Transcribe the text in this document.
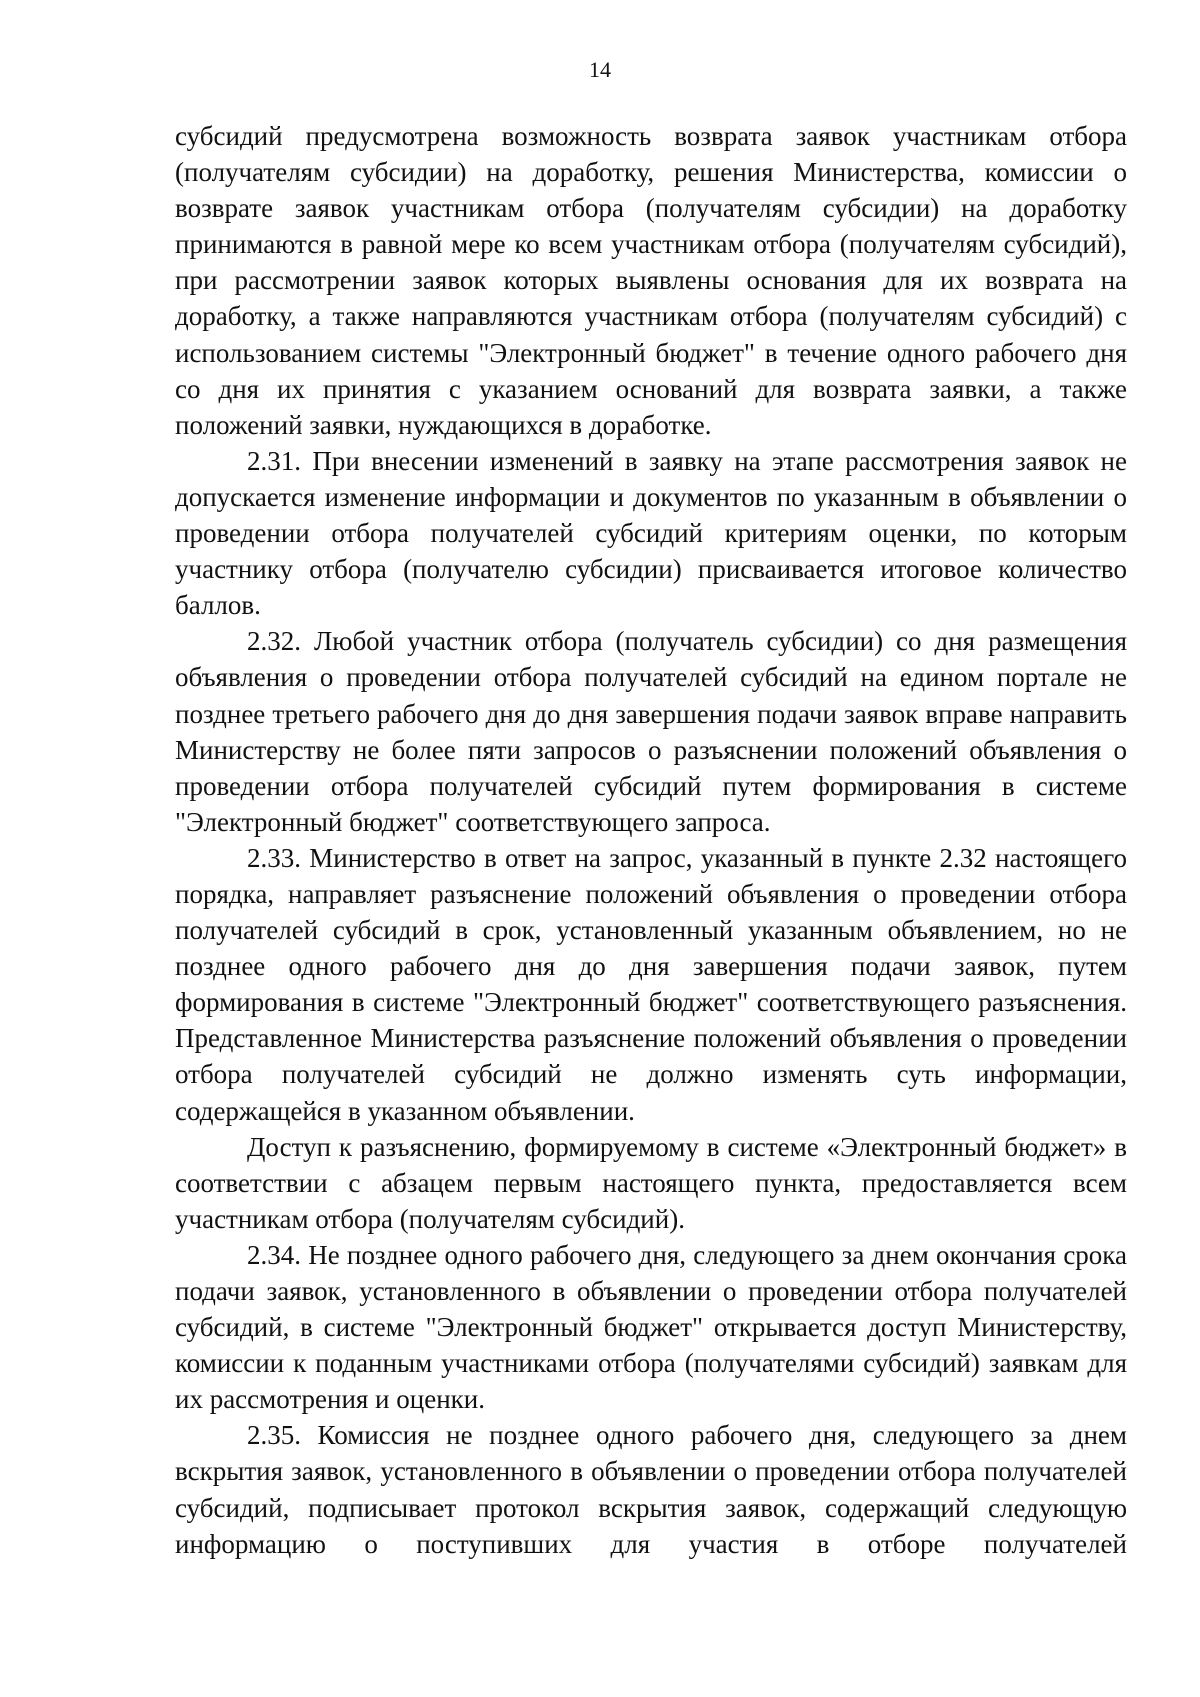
14

субсидий предусмотрена возможность возврата заявок участникам отбора (получателям субсидии) на доработку, решения Министерства, комиссии о возврате заявок участникам отбора (получателям субсидии) на доработку принимаются в равной мере ко всем участникам отбора (получателям субсидий), при рассмотрении заявок которых выявлены основания для их возврата на доработку, а также направляются участникам отбора (получателям субсидий) с использованием системы "Электронный бюджет" в течение одного рабочего дня со дня их принятия с указанием оснований для возврата заявки, а также положений заявки, нуждающихся в доработке.

2.31. При внесении изменений в заявку на этапе рассмотрения заявок не допускается изменение информации и документов по указанным в объявлении о проведении отбора получателей субсидий критериям оценки, по которым участнику отбора (получателю субсидии) присваивается итоговое количество баллов.

2.32. Любой участник отбора (получатель субсидии) со дня размещения объявления о проведении отбора получателей субсидий на едином портале не позднее третьего рабочего дня до дня завершения подачи заявок вправе направить Министерству не более пяти запросов о разъяснении положений объявления о проведении отбора получателей субсидий путем формирования в системе "Электронный бюджет" соответствующего запроса.

2.33. Министерство в ответ на запрос, указанный в пункте 2.32 настоящего порядка, направляет разъяснение положений объявления о проведении отбора получателей субсидий в срок, установленный указанным объявлением, но не позднее одного рабочего дня до дня завершения подачи заявок, путем формирования в системе "Электронный бюджет" соответствующего разъяснения. Представленное Министерства разъяснение положений объявления о проведении отбора получателей субсидий не должно изменять суть информации, содержащейся в указанном объявлении.

Доступ к разъяснению, формируемому в системе «Электронный бюджет» в соответствии с абзацем первым настоящего пункта, предоставляется всем участникам отбора (получателям субсидий).

2.34. Не позднее одного рабочего дня, следующего за днем окончания срока подачи заявок, установленного в объявлении о проведении отбора получателей субсидий, в системе "Электронный бюджет" открывается доступ Министерству, комиссии к поданным участниками отбора (получателями субсидий) заявкам для их рассмотрения и оценки.

2.35. Комиссия не позднее одного рабочего дня, следующего за днем вскрытия заявок, установленного в объявлении о проведении отбора получателей субсидий, подписывает протокол вскрытия заявок, содержащий следующую информацию о поступивших для участия в отборе получателей
